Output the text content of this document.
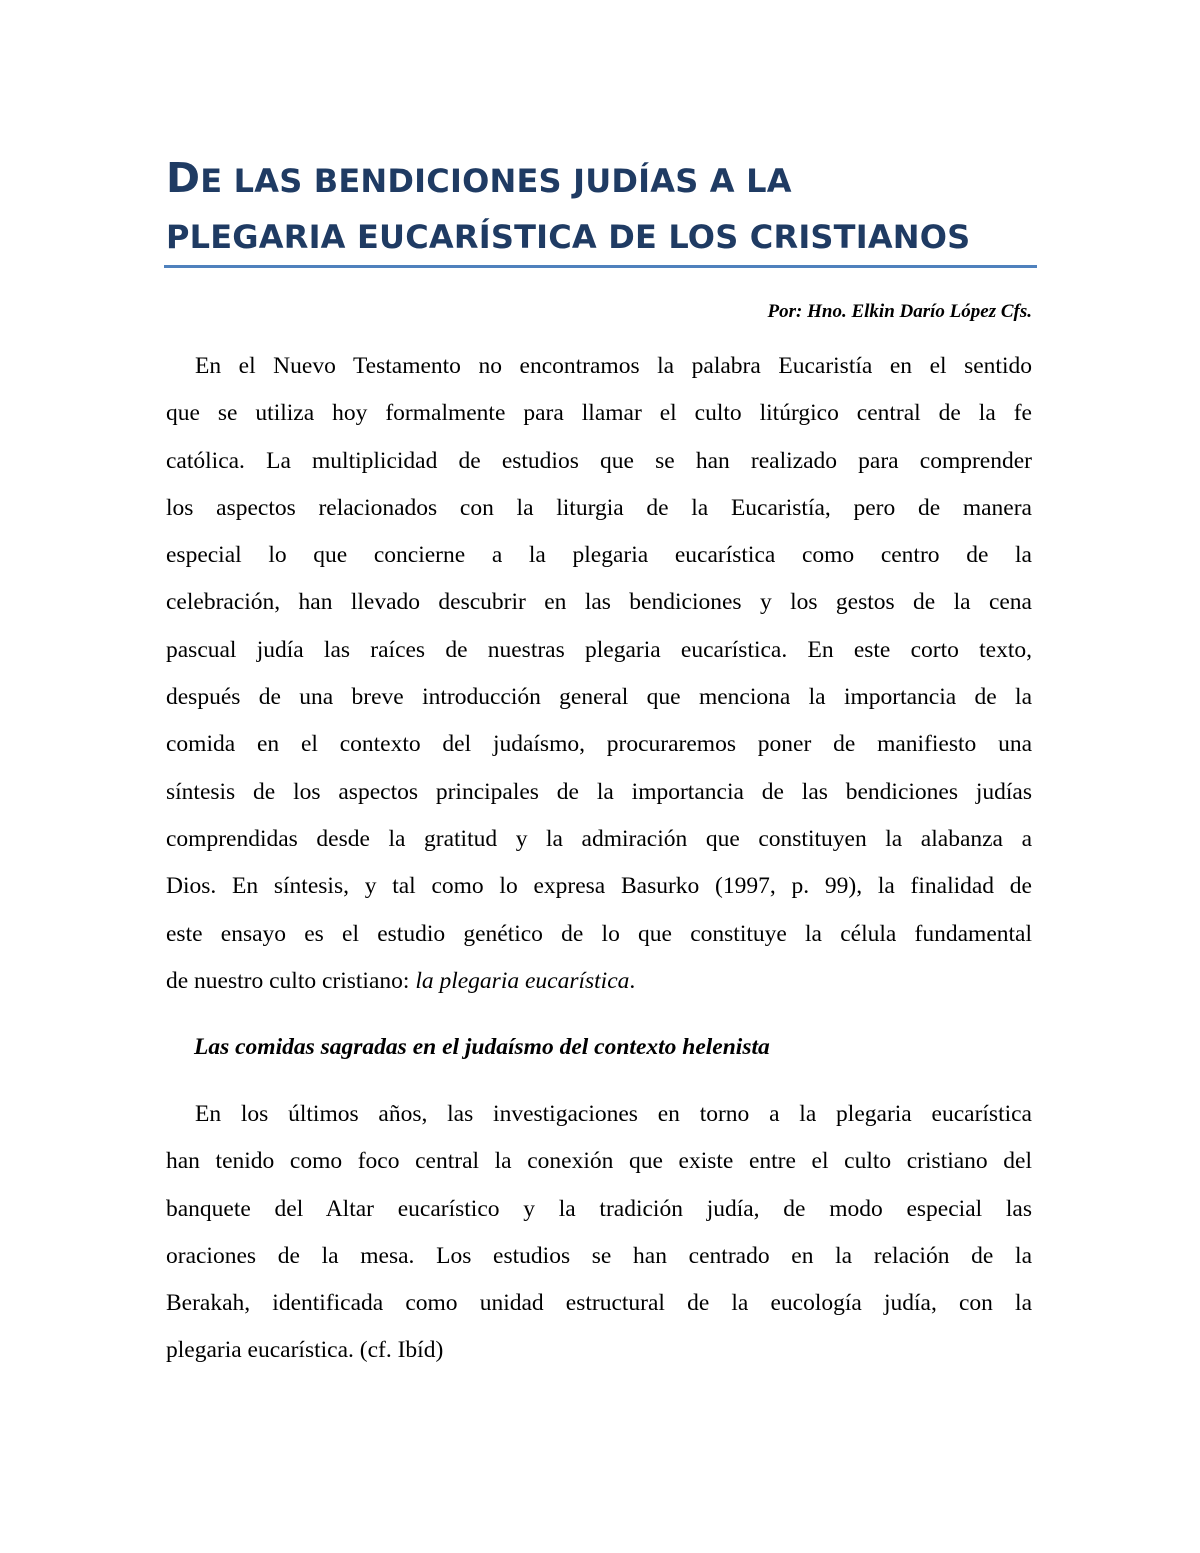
DE LAS BENDICIONES JUDÍAS A LA
PLEGARIA EUCARÍSTICA DE LOS CRISTIANOS
Por: Hno. Elkin Darío López Cfs.
En el Nuevo Testamento no encontramos la palabra Eucaristía en el sentido
que se utiliza hoy formalmente para llamar el culto litúrgico central de la fe
católica. La multiplicidad de estudios que se han realizado para comprender
los aspectos relacionados con la liturgia de la Eucaristía, pero de manera
especial lo que concierne a la plegaria eucarística como centro de la
celebración, han llevado descubrir en las bendiciones y los gestos de la cena
pascual judía las raíces de nuestras plegaria eucarística. En este corto texto,
después de una breve introducción general que menciona la importancia de la
comida en el contexto del judaísmo, procuraremos poner de manifiesto una
síntesis de los aspectos principales de la importancia de las bendiciones judías
comprendidas desde la gratitud y la admiración que constituyen la alabanza a
Dios. En síntesis, y tal como lo expresa Basurko (1997, p. 99), la finalidad de
este ensayo es el estudio genético de lo que constituye la célula fundamental
de nuestro culto cristiano: la plegaria eucarística.
Las comidas sagradas en el judaísmo del contexto helenista
En los últimos años, las investigaciones en torno a la plegaria eucarística
han tenido como foco central la conexión que existe entre el culto cristiano del
banquete del Altar eucarístico y la tradición judía, de modo especial las
oraciones de la mesa. Los estudios se han centrado en la relación de la
Berakah, identificada como unidad estructural de la eucología judía, con la
plegaria eucarística. (cf. Ibíd)
